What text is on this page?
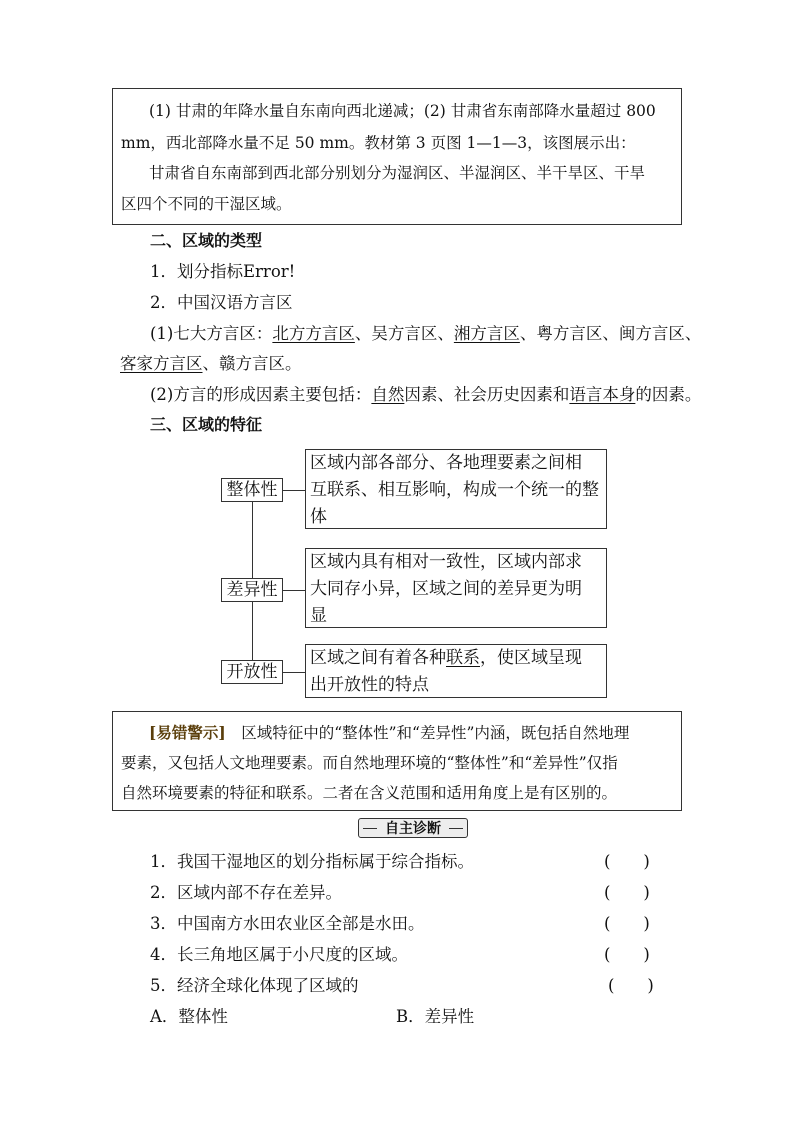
(1) 甘肃的年降水量自东南向西北递减；(2) 甘肃省东南部降水量超过 800
mm，西北部降水量不足 50 mm。教材第 3 页图 1—1—3，该图展示出：
甘肃省自东南部到西北部分别划分为湿润区、半湿润区、半干旱区、干旱
区四个不同的干湿区域。
二、区域的类型
1．划分指标Error!
2．中国汉语方言区
(1)七大方言区：北方方言区、吴方言区、湘方言区、粤方言区、闽方言区、
客家方言区、赣方言区。
(2)方言的形成因素主要包括：自然因素、社会历史因素和语言本身的因素。
三、区域的特征
整体性
区域内部各部分、各地理要素之间相
互联系、相互影响，构成一个统一的整
体
差异性
区域内具有相对一致性，区域内部求
大同存小异，区域之间的差异更为明
显
开放性
区域之间有着各种联系，使区域呈现
出开放性的特点
[易错警示]　 区域特征中的“整体性”和“差异性”内涵，既包括自然地理
要素，又包括人文地理要素。而自然地理环境的“整体性”和“差异性”仅指
自然环境要素的特征和联系。二者在含义范围和适用角度上是有区别的。
自主诊断
1．我国干湿地区的划分指标属于综合指标。	(　　)
2．区域内部不存在差异。	(　　)
3．中国南方水田农业区全部是水田。	(　　)
4．长三角地区属于小尺度的区域。	(　　)
5．经济全球化体现了区域的	(　　)
A．整体性	B．差异性
